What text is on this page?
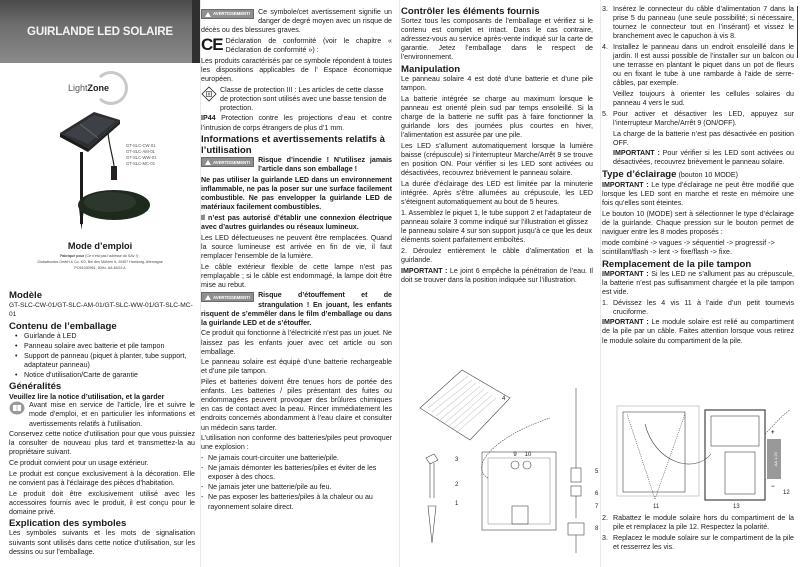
GUIRLANDE LED SOLAIRE
LightZone
GT-SLC-CW-01
GT-SLC-AM-01
GT-SLC-WW-01
GT-SLC-MC-01
Mode d’emploi
Fabriqué pour (Ce n’est pas l’adresse du SAV !) :
Globaltronics GmbH & Co. KG, Bei den Mühren 5, 20457 Hamburg, Allemagne
PO51030961, 50Hz, AA 45/22 A
Modèle

GT-SLC-CW-01/GT-SLC-AM-01/GT-SLC-WW-01/GT-SLC-MC-01

Contenu de l’emballage
• Guirlande à LED
• Panneau solaire avec batterie et pile tampon
• Support de panneau (piquet à planter, tube support, adaptateur panneau)
• Notice d’utilisation/Carte de garantie
Généralités
Veuillez lire la notice d’utilisation, et la garder

Avant mise en service de l’article, lire et suivre le mode d’emploi, et en particulier les informations et avertissements relatifs à l’utilisation.

Conservez cette notice d’utilisation pour que vous puissiez la consulter de nouveau plus tard et transmettez-la au propriétaire suivant.

Ce produit convient pour un usage extérieur.

Le produit est conçue exclusivement à la décoration. Elle ne convient pas à l’éclairage des pièces d’habitation.

Le produit doit être exclusivement utilisé avec les accessoires fournis avec le produit, il est conçu pour le domaine privé.

Explication des symboles

Les symboles suivants et les mots de signalisation suivants sont utilisés dans cette notice d’utilisation, sur les dessins ou sur l’emballage.

AVERTISSEMENT! Ce symbole/cet avertissement signifie un danger de degré moyen avec un risque de décès ou des blessures graves.

CE Déclaration de conformité (voir le chapitre « Déclaration de conformité ») :

Les produits caractérisés par ce symbole répondent à toutes les dispositions applicables de l’ Espace économique européen.

Classe de protection III : Les articles de cette classe de protection sont utilisés avec une basse tension de protection.

IP44 Protection contre les projections d’eau et contre l’intrusion de corps étrangers de plus d’1 mm.

Informations et avertissements relatifs à l’utilisation

AVERTISSEMENT! Risque d’incendie ! N’utilisez jamais l’article dans son emballage !

Ne pas utiliser la guirlande LED dans un environnement inflammable, ne pas la poser sur une surface facilement combustible. Ne pas envelopper la guirlande LED de matériaux facilement combustibles.

Il n’est pas autorisé d’établir une connexion électrique avec d’autres guirlandes ou réseaux lumineux.

Les LED défectueuses ne peuvent être remplacées. Quand la source lumineuse est arrivée en fin de vie, il faut remplacer l’ensemble de la lumière.

Le câble extérieur flexible de cette lampe n’est pas remplaçable ; si le câble est endommagé, la lampe doit être mise au rebut.

AVERTISSEMENT! Risque d’étouffement et de strangulation ! En jouant, les enfants risquent de s’emmêler dans le film d’emballage ou dans la guirlande LED et de s’étouffer.

Ce produit qui fonctionne à l’électricité n’est pas un jouet. Ne laissez pas les enfants jouer avec cet article ou son emballage.

Le panneau solaire est équipé d’une batterie rechargeable et d’une pile tampon.

Piles et batteries doivent être tenues hors de portée des enfants. Les batteries / piles présentant des fuites ou endommagées peuvent provoquer des brûlures chimiques en cas de contact avec la peau. Rincer immédiatement les endroits concernés abondamment à l’eau claire et consulter un médecin sans tarder.

L’utilisation non conforme des batteries/piles peut provoquer une explosion :

- Ne jamais court-circuiter une batterie/pile.
- Ne jamais démonter les batteries/piles et éviter de les exposer à des chocs.
- Ne jamais jeter une batterie/pile au feu.
- Ne pas exposer les batteries/piles à la chaleur ou au rayonnement solaire direct.
Contrôler les éléments fournis

Sortez tous les composants de l’emballage et vérifiez si le contenu est complet et intact. Dans le cas contraire, adressez-vous au service après-vente indiqué sur la carte de garantie. Jetez l’emballage dans le respect de l’environnement.

Manipulation

Le panneau solaire 4 est doté d’une batterie et d’une pile tampon.

La batterie intégrée se charge au maximum lorsque le panneau est orienté plein sud par temps ensoleillé. Si la charge de la batterie ne suffit pas à faire fonctionner la guirlande lors des journées plus courtes en hiver, l’alimentation est assurée par une pile.

Les LED s’allument automatiquement lorsque la lumière baisse (crépuscule) si l’interrupteur Marche/Arrêt 9 se trouve en position ON. Pour vérifier si les LED sont activées ou désactivées, recouvrez brièvement le panneau solaire.

La durée d’éclairage des LED est limitée par la minuterie intégrée. Après s’être allumées au crépuscule, les LED s’éteignent automatiquement au bout de 5 heures.

1. Assemblez le piquet 1, le tube support 2 et l’adaptateur de panneau solaire 3 comme indiqué sur l’illustration et glissez le panneau solaire 4 sur son support jusqu’à ce que les deux éléments soient parfaitement emboîtés.

2. Déroulez entièrement le câble d’alimentation et la guirlande.

IMPORTANT : Le joint 6 empêche la pénétration de l’eau. Il doit se trouver dans la position indiquée sur l’illustration.

9 10
4
2
3
1
5
6
7
8
3. Insérez le connecteur du câble d’alimentation 7 dans la prise 5 du panneau (une seule possibilité; si nécessaire, tournez le connecteur tout en l’insérant) et vissez le branchement avec le capuchon à vis 8.
4. Installez le panneau dans un endroit ensoleillé dans le jardin. Il est aussi possible de l’installer sur un balcon ou une terrasse en plantant le piquet dans un pot de fleurs ou en fixant le tube à une rambarde à l’aide de serre-câbles, par exemple.
Veillez toujours à orienter les cellules solaires du panneau 4 vers le sud.
5. Pour activer et désactiver les LED, appuyez sur l’interrupteur Marche/Arrêt 9 (ON/OFF).
La charge de la batterie n’est pas désactivée en position OFF.
IMPORTANT : Pour vérifier si les LED sont activées ou désactivées, recouvrez brièvement le panneau solaire.
Type d’éclairage (bouton 10 MODE)

IMPORTANT : Le type d’éclairage ne peut être modifié que lorsque les LED sont en marche et reste en mémoire une fois qu’elles sont éteintes.

Le bouton 10 (MODE) sert à sélectionner le type d’éclairage de la guirlande. Chaque pression sur le bouton permet de naviguer entre les 8 modes proposés :

mode combiné -> vagues -> séquentiel -> progressif -> scintillant/flash -> lent -> fixe/flash -> fixe.

Remplacement de la pile tampon

IMPORTANT : Si les LED ne s’allument pas au crépuscule, la batterie n’est pas suffisamment chargée et la pile tampon est vide.

1. Dévissez les 4 vis 11 à l’aide d’un petit tournevis cruciforme.

IMPORTANT : Le module solaire est relié au compartiment de la pile par un câble. Faites attention lorsque vous retirez le module solaire du compartiment de la pile.

AA 1.2V
+
−
11
12
13
2. Rabattez le module solaire hors du compartiment de la pile et remplacez la pile 12. Respectez la polarité.
3. Replacez le module solaire sur le compartiment de la pile et resserrez les vis.
